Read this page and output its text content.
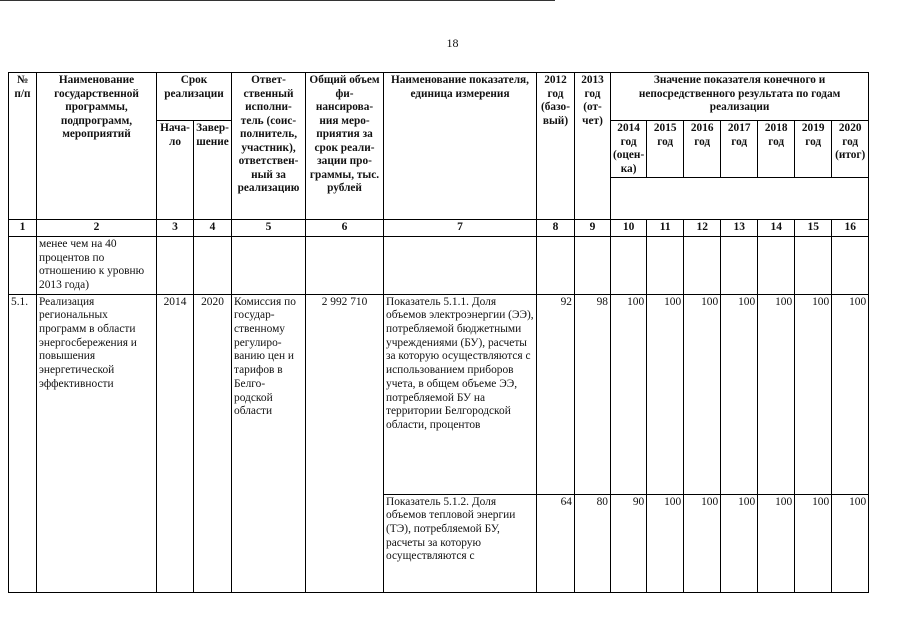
18
№ п/п	Наименование государственной программы, подпрограмм, мероприятий	Срок реализации		Ответ-ственный исполни-тель (соис-полнитель, участник), ответствен-ный за реализацию	Общий объем фи-нансирова-ния меро-приятия за срок реали-зации про-граммы, тыс. рублей	Наименование показателя, единица измерения	2012 год (базо-вый)	2013 год (от-чет)	Значение показателя конечного и непосредственного результата по годам реализации						
		Нача-ло	Завер-шение						2014 год (оцен-ка)	2015 год	2016 год	2017 год	2018 год	2019 год	2020 год (итог)

1	2	3	4	5	6	7	8	9	10	11	12	13	14	15	16
	менее чем на 40 процентов по отношению к уровню 2013 года)														
5.1.	Реализация региональных программ в области энергосбережения и повышения энергетической эффективности	2014	2020	Комиссия по государ-ственному регулиро-ванию цен и тарифов в Белго-родской области	2 992 710	Показатель 5.1.1. Доля объемов электроэнергии (ЭЭ), потребляемой бюджетными учреждениями (БУ), расчеты за которую осуществляются с использованием приборов учета, в общем объеме ЭЭ, потребляемой БУ на территории Белгородской области, процентов	92	98	100	100	100	100	100	100	100
						Показатель 5.1.2. Доля объемов тепловой энергии (ТЭ), потребляемой БУ, расчеты за которую осуществляются с	64	80	90	100	100	100	100	100	100
